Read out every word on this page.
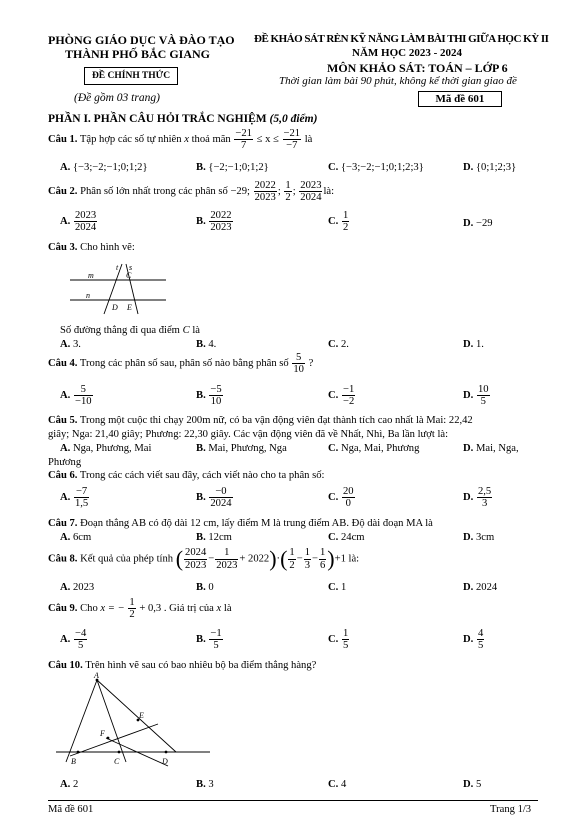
PHÒNG GIÁO DỤC VÀ ĐÀO TẠO
THÀNH PHỐ BẮC GIANG
ĐỀ CHÍNH THỨC
(Đề gồm 03 trang)
ĐỀ KHẢO SÁT RÈN KỸ NĂNG LÀM BÀI THI GIỮA HỌC KỲ II
NĂM HỌC 2023 - 2024
MÔN KHẢO SÁT: TOÁN – LỚP 6
Thời gian làm bài 90 phút, không kể thời gian giao đề
Mã đề 601
PHẦN I. PHẦN CÂU HỎI TRẮC NGHIỆM (5,0 điểm)
Câu 1. Tập hợp các số tự nhiên x thoả mãn $\frac{-21}{7} \le x \le \frac{-21}{-7}$ là
A. {−3;−2;−1;0;1;2}	B. {−2;−1;0;1;2}	C. {−3;−2;−1;0;1;2;3}	D. {0;1;2;3}
Câu 2. Phân số lớn nhất trong các phân số −29; $\frac{2022}{2023}$ ; $\frac{1}{2}$ ; $\frac{2023}{2024}$ là:
A. $\frac{2023}{2024}$	B. $\frac{2022}{2023}$	C. $\frac{1}{2}$	D. −29
Câu 3. Cho hình vẽ:
m
n
t s
C
D E
Số đường thẳng đi qua điểm C là
A. 3.	B. 4.	C. 2.	D. 1.
Câu 4. Trong các phân số sau, phân số nào bằng phân số $\frac{5}{10}$ ?
A. $\frac{5}{-10}$	B. $\frac{-5}{10}$	C. $\frac{-1}{-2}$	D. $\frac{10}{5}$
Câu 5. Trong một cuộc thi chạy 200m nữ, có ba vận động viên đạt thành tích cao nhất là Mai: 22,42
giây; Nga: 21,40 giây; Phương: 22,30 giây. Các vận động viên đã về Nhất, Nhì, Ba lần lượt là:
A. Nga, Phương, Mai	B. Mai, Phương, Nga	C. Nga, Mai, Phương	D. Mai, Nga,
Phương
Câu 6. Trong các cách viết sau đây, cách viết nào cho ta phân số:
A. $\frac{-7}{1,5}$	B. $\frac{-0}{2024}$	C. $\frac{20}{0}$	D. $\frac{2,5}{3}$
Câu 7. Đoạn thẳng AB có độ dài 12 cm, lấy điểm M là trung điểm AB. Độ dài đoạn MA là
A. 6cm	B. 12cm	C. 24cm	D. 3cm
Câu 8. Kết quả của phép tính ( $\frac{2024}{2023} - \frac{1}{2023} + 2022)\cdot( \frac{1}{2} - \frac{1}{3} - \frac{1}{6} )+1$ là:
A. 2023	B. 0	C. 1	D. 2024
Câu 9. Cho x = − $\frac{1}{2} + 0,3$ . Giá trị của x là
A. $\frac{-4}{5}$	B. $\frac{-1}{5}$	C. $\frac{1}{5}$	D. $\frac{4}{5}$
Câu 10. Trên hình vẽ sau có bao nhiêu bộ ba điểm thẳng hàng?
A
B	C	D
E
F
A. 2	B. 3	C. 4	D. 5
Mã đề 601	Trang 1/3
